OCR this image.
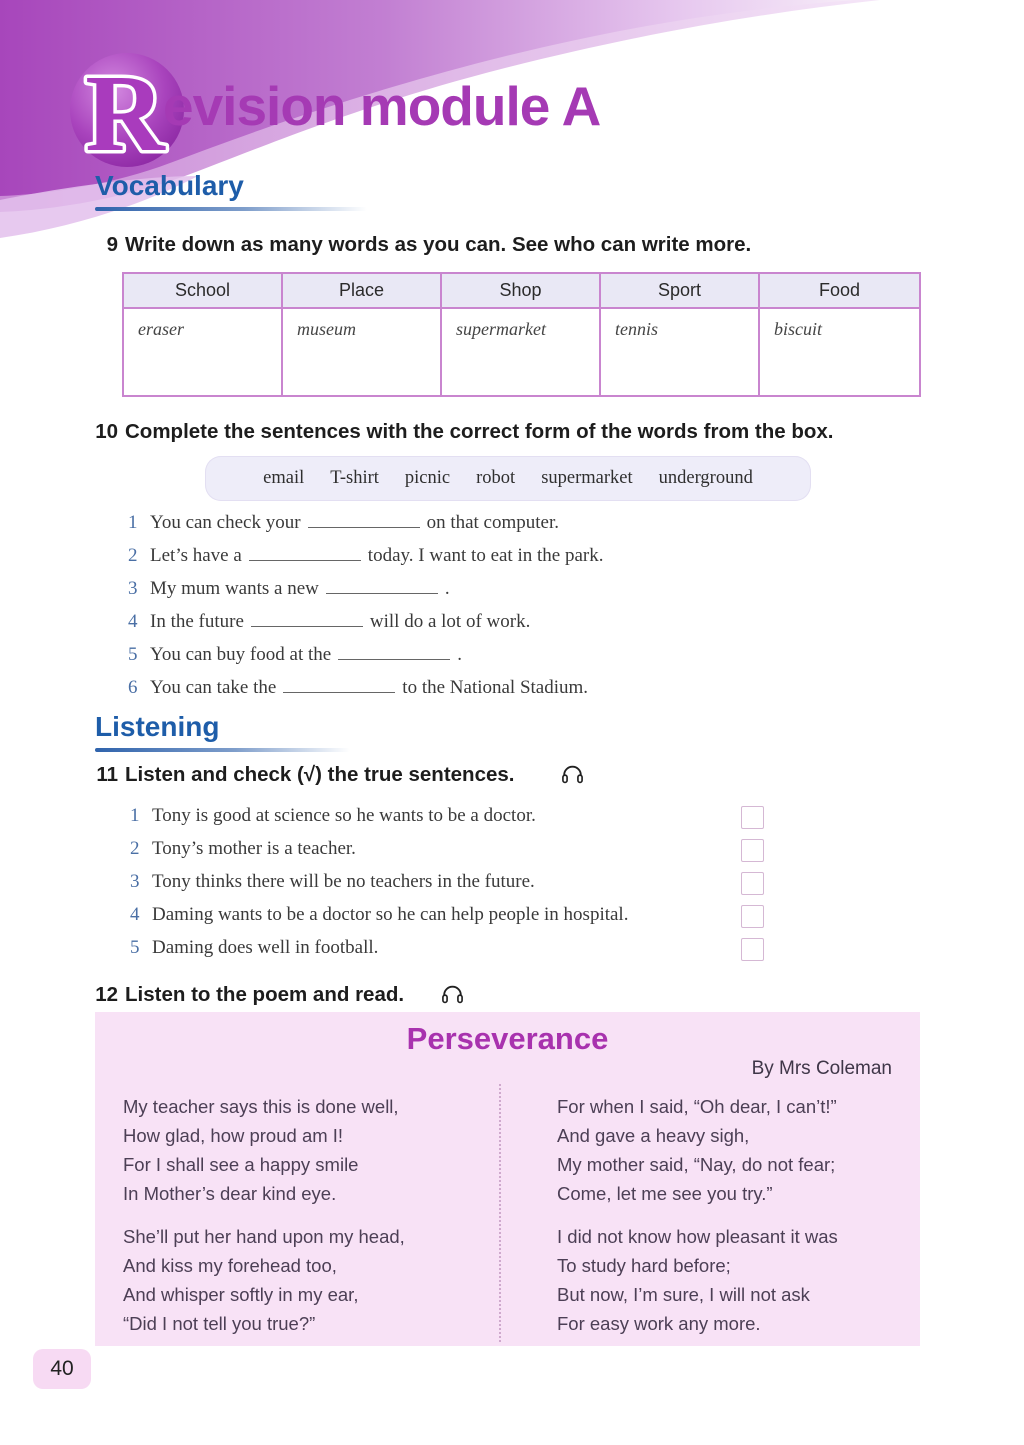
R
evision module A
Vocabulary
9 Write down as many words as you can. See who can write more.
School	Place	Shop	Sport	Food
eraser	museum	supermarket	tennis	biscuit
10 Complete the sentences with the correct form of the words from the box.
email T-shirt picnic robot supermarket underground
1 You can check your	on that computer.
2 Let’s have a	today. I want to eat in the park.
3 My mum wants a new	.
4 In the future	will do a lot of work.
5 You can buy food at the	.
6 You can take the	to the National Stadium.
Listening
11 Listen and check (√) the true sentences.
1 Tony is good at science so he wants to be a doctor.
2 Tony’s mother is a teacher.
3 Tony thinks there will be no teachers in the future.
4 Daming wants to be a doctor so he can help people in hospital.
5 Daming does well in football.
12 Listen to the poem and read.
Perseverance
By Mrs Coleman
My teacher says this is done well,
How glad, how proud am I!
For I shall see a happy smile
In Mother’s dear kind eye.
She’ll put her hand upon my head,
And kiss my forehead too,
And whisper softly in my ear,
“Did I not tell you true?”
For when I said, “Oh dear, I can’t!”
And gave a heavy sigh,
My mother said, “Nay, do not fear;
Come, let me see you try.”
I did not know how pleasant it was
To study hard before;
But now, I’m sure, I will not ask
For easy work any more.
40
